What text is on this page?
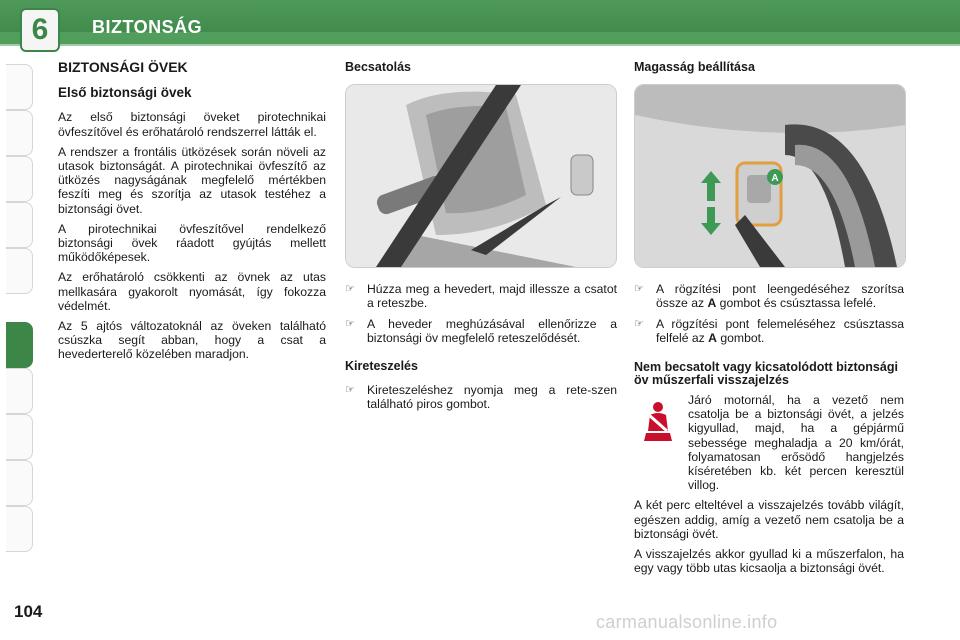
6	BIZTONSÁG
104
BIZTONSÁGI ÖVEK
Első biztonsági övek

Az első biztonsági öveket pirotechnikai övfeszítővel és erőhatároló rendszerrel látták el.

A rendszer a frontális ütközések során növeli az utasok biztonságát. A pirotechnikai övfeszítő az ütközés nagyságának megfelelő mértékben feszíti meg és szorítja az utasok testéhez a biztonsági övet.

A pirotechnikai övfeszítővel rendelkező biztonsági övek ráadott gyújtás mellett működőképesek.

Az erőhatároló csökkenti az övnek az utas mellkasára gyakorolt nyomását, így fokozza védelmét.

Az 5 ajtós változatoknál az öveken található csúszka segít abban, hogy a csat a hevederterelő közelében maradjon.

Becsatolás
☞ Húzza meg a hevedert, majd illessze a csatot a reteszbe.
☞ A heveder meghúzásával ellenőrizze a biztonsági öv megfelelő reteszelődését.
Kireteszelés
☞ Kireteszeléshez nyomja meg a rete-szen található piros gombot.
Magasság beállítása
A
☞ A rögzítési pont leengedéséhez szorítsa össze az A gombot és csúsztassa lefelé.
☞ A rögzítési pont felemeléséhez csúsztassa felfelé az A gombot.
Nem becsatolt vagy kicsatolódott biztonsági öv műszerfali visszajelzés

Járó motornál, ha a vezető nem csatolja be a biztonsági övét, a jelzés kigyullad, majd, ha a gépjármű sebessége meghaladja a 20 km/órát, folyamatosan erősödő hangjelzés kíséretében kb. két percen keresztül villog.

A két perc elteltével a visszajelzés tovább világít, egészen addig, amíg a vezető nem csatolja be a biztonsági övét.

A visszajelzés akkor gyullad ki a műszerfalon, ha egy vagy több utas kicsaolja a biztonsági övét.

carmanualsonline.info
